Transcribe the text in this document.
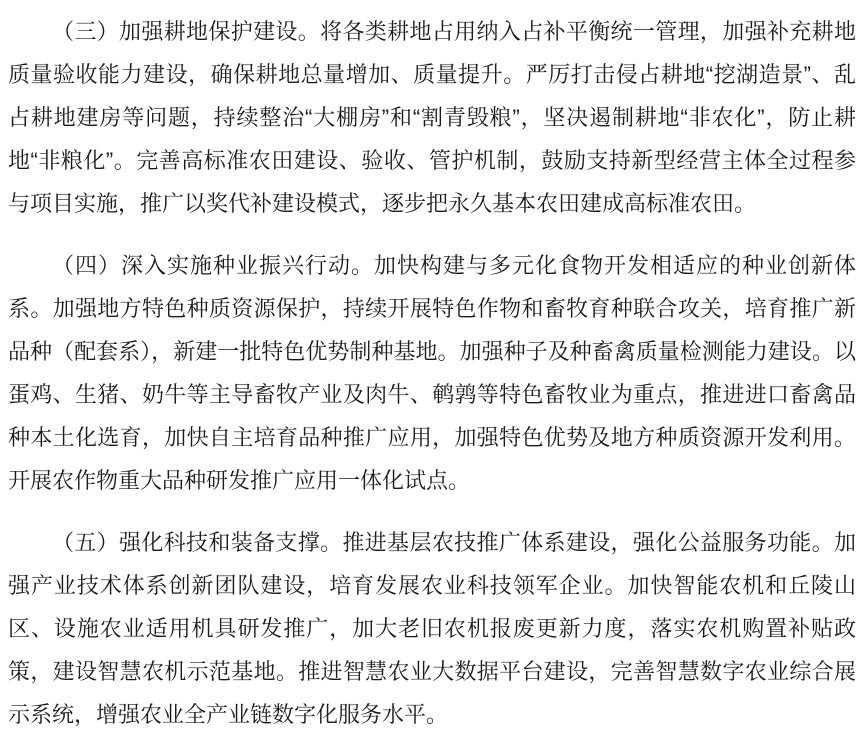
（三）加强耕地保护建设。将各类耕地占用纳入占补平衡统一管理，加强补充耕地质量验收能力建设，确保耕地总量增加、质量提升。严厉打击侵占耕地“挖湖造景”、乱占耕地建房等问题，持续整治“大棚房”和“割青毁粮”，坚决遏制耕地“非农化”，防止耕地“非粮化”。完善高标准农田建设、验收、管护机制，鼓励支持新型经营主体全过程参与项目实施，推广以奖代补建设模式，逐步把永久基本农田建成高标准农田。

（四）深入实施种业振兴行动。加快构建与多元化食物开发相适应的种业创新体系。加强地方特色种质资源保护，持续开展特色作物和畜牧育种联合攻关，培育推广新品种（配套系），新建一批特色优势制种基地。加强种子及种畜禽质量检测能力建设。以蛋鸡、生猪、奶牛等主导畜牧产业及肉牛、鹌鹑等特色畜牧业为重点，推进进口畜禽品种本土化选育，加快自主培育品种推广应用，加强特色优势及地方种质资源开发利用。开展农作物重大品种研发推广应用一体化试点。

（五）强化科技和装备支撑。推进基层农技推广体系建设，强化公益服务功能。加强产业技术体系创新团队建设，培育发展农业科技领军企业。加快智能农机和丘陵山区、设施农业适用机具研发推广，加大老旧农机报废更新力度，落实农机购置补贴政策，建设智慧农机示范基地。推进智慧农业大数据平台建设，完善智慧数字农业综合展示系统，增强农业全产业链数字化服务水平。
